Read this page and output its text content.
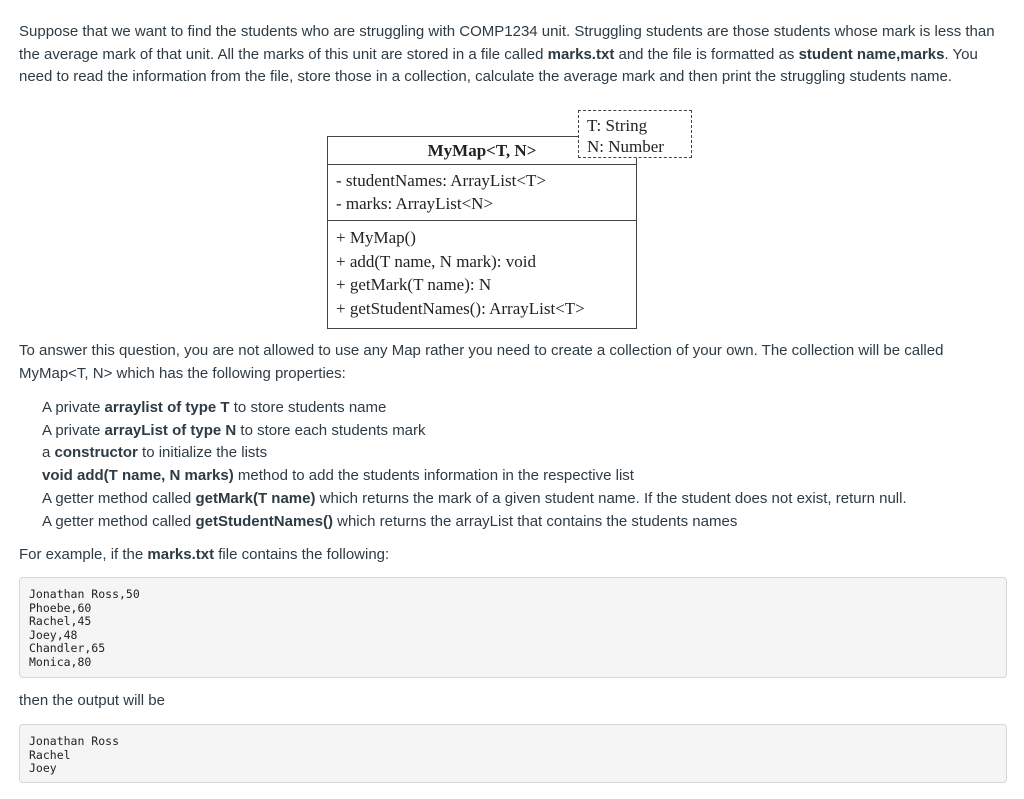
Suppose that we want to find the students who are struggling with COMP1234 unit. Struggling students are those students whose mark is less than the average mark of that unit. All the marks of this unit are stored in a file called marks.txt and the file is formatted as student name,marks. You need to read the information from the file, store those in a collection, calculate the average mark and then print the struggling students name.

MyMap<T, N>
- studentNames: ArrayList<T>
- marks: ArrayList<N>
+ MyMap()
+ add(T name, N mark): void
+ getMark(T name): N
+ getStudentNames(): ArrayList<T>
T: String
N: Number

To answer this question, you are not allowed to use any Map rather you need to create a collection of your own. The collection will be called MyMap<T, N> which has the following properties:

A private arraylist of type T to store students name
A private arrayList of type N to store each students mark
a constructor to initialize the lists
void add(T name, N marks) method to add the students information in the respective list
A getter method called getMark(T name) which returns the mark of a given student name. If the student does not exist, return null.
A getter method called getStudentNames() which returns the arrayList that contains the students names

For example, if the marks.txt file contains the following:

Jonathan Ross,50
Phoebe,60
Rachel,45
Joey,48
Chandler,65
Monica,80

then the output will be

Jonathan Ross
Rachel
Joey
